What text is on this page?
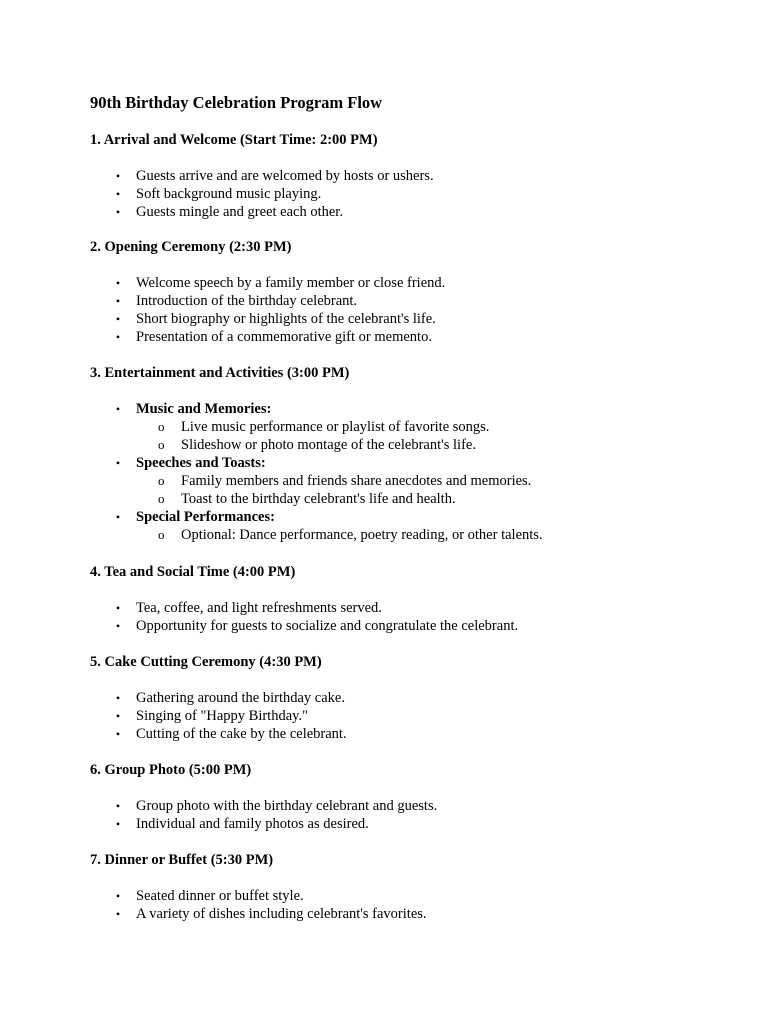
90th Birthday Celebration Program Flow
1. Arrival and Welcome (Start Time: 2:00 PM)
• Guests arrive and are welcomed by hosts or ushers.
• Soft background music playing.
• Guests mingle and greet each other.
2. Opening Ceremony (2:30 PM)
• Welcome speech by a family member or close friend.
• Introduction of the birthday celebrant.
• Short biography or highlights of the celebrant's life.
• Presentation of a commemorative gift or memento.
3. Entertainment and Activities (3:00 PM)
• Music and Memories:
o Live music performance or playlist of favorite songs.
o Slideshow or photo montage of the celebrant's life.
• Speeches and Toasts:
o Family members and friends share anecdotes and memories.
o Toast to the birthday celebrant's life and health.
• Special Performances:
o Optional: Dance performance, poetry reading, or other talents.
4. Tea and Social Time (4:00 PM)
• Tea, coffee, and light refreshments served.
• Opportunity for guests to socialize and congratulate the celebrant.
5. Cake Cutting Ceremony (4:30 PM)
• Gathering around the birthday cake.
• Singing of "Happy Birthday."
• Cutting of the cake by the celebrant.
6. Group Photo (5:00 PM)
• Group photo with the birthday celebrant and guests.
• Individual and family photos as desired.
7. Dinner or Buffet (5:30 PM)
• Seated dinner or buffet style.
• A variety of dishes including celebrant's favorites.
